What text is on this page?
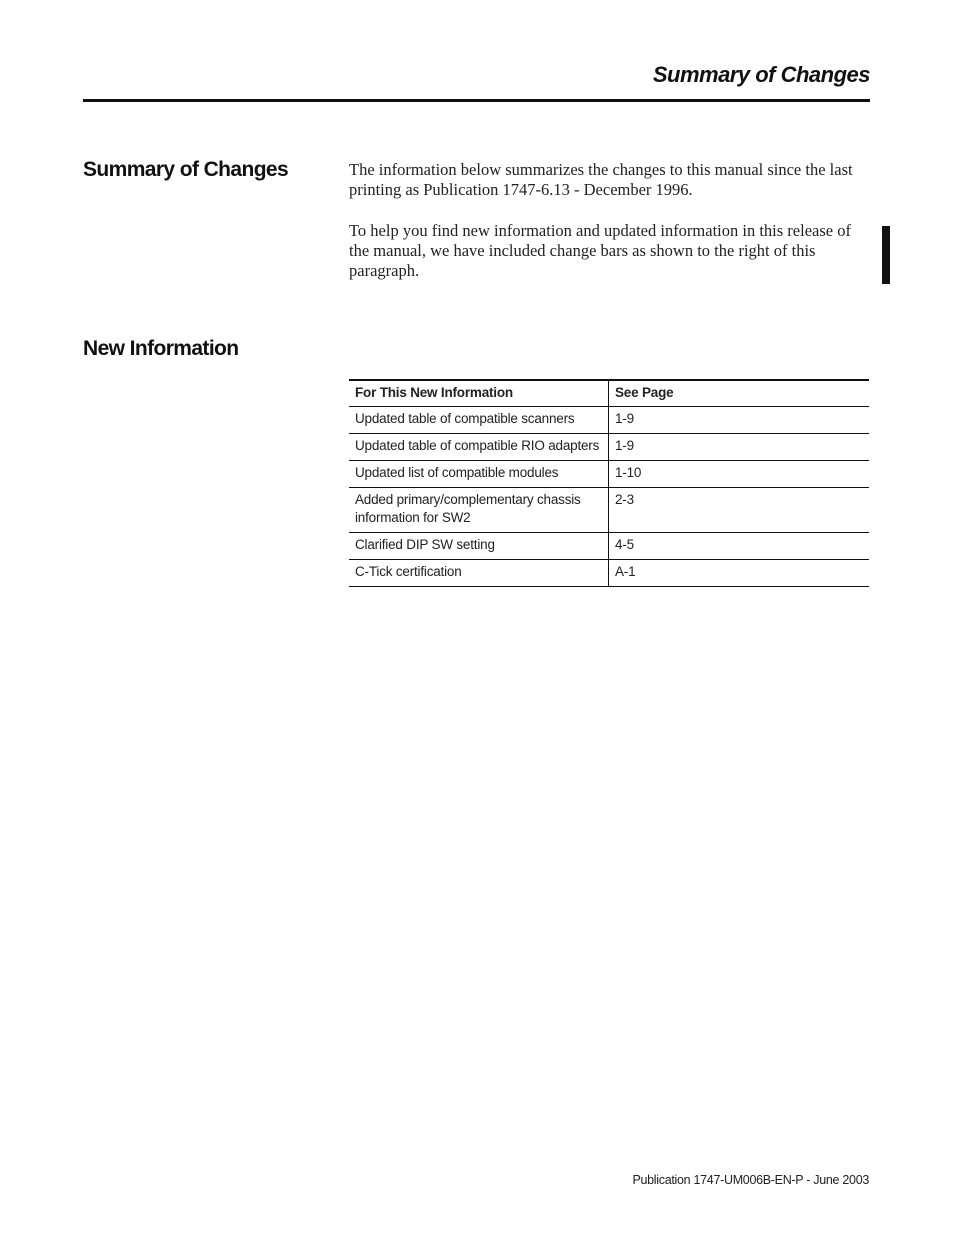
Summary of Changes
Summary of Changes	The information below summarizes the changes to this manual since the last printing as Publication 1747-6.13 - December 1996.

To help you find new information and updated information in this release of the manual, we have included change bars as shown to the right of this paragraph.

New Information
For This New Information	See Page
Updated table of compatible scanners	1-9
Updated table of compatible RIO adapters	1-9
Updated list of compatible modules	1-10
Added primary/complementary chassis information for SW2	2-3
Clarified DIP SW setting	4-5
C-Tick certification	A-1
Publication 1747-UM006B-EN-P - June 2003
